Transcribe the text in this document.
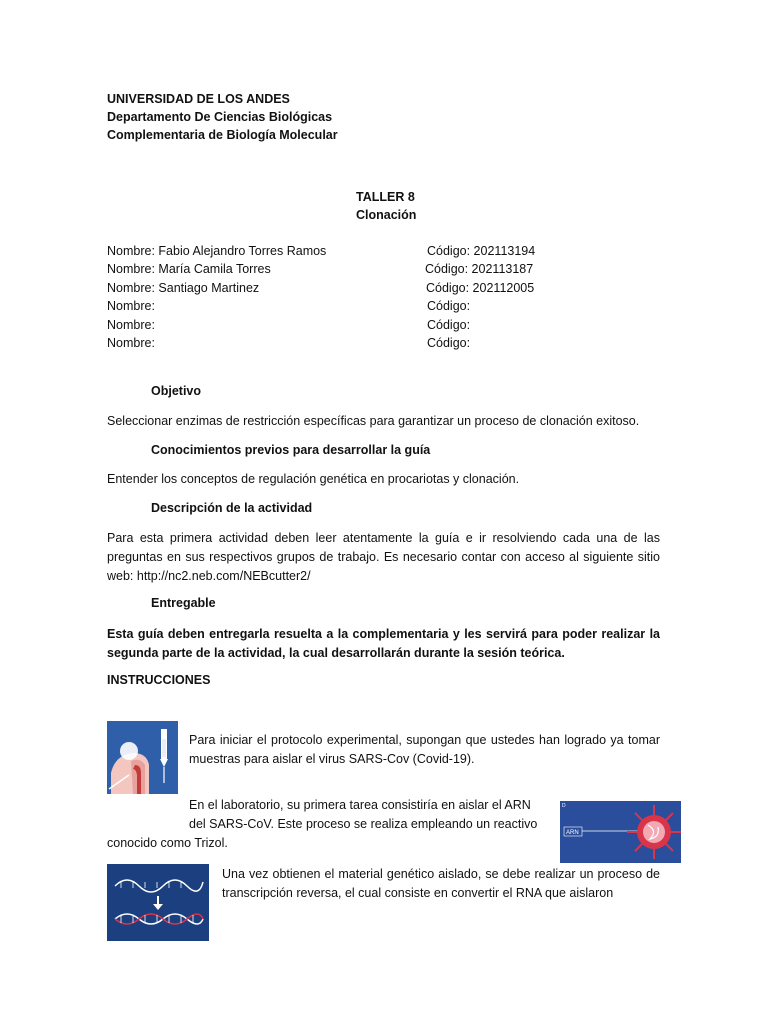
UNIVERSIDAD DE LOS ANDES
Departamento De Ciencias Biológicas
Complementaria de Biología Molecular
TALLER 8
Clonación
Nombre: Fabio Alejandro Torres Ramos	Código: 202113194
Nombre: María Camila Torres	Código: 202113187
Nombre: Santiago Martinez	Código: 202112005
Nombre:	Código:
Nombre:	Código:
Nombre:	Código:
Objetivo
Seleccionar enzimas de restricción específicas para garantizar un proceso de clonación exitoso.
Conocimientos previos para desarrollar la guía
Entender los conceptos de regulación genética en procariotas y clonación.
Descripción de la actividad
Para esta primera actividad deben leer atentamente la guía e ir resolviendo cada una de las preguntas en sus respectivos grupos de trabajo. Es necesario contar con acceso al siguiente sitio web: http://nc2.neb.com/NEBcutter2/
Entregable
Esta guía deben entregarla resuelta a la complementaria y les servirá para poder realizar la segunda parte de la actividad, la cual desarrollarán durante la sesión teórica.
INSTRUCCIONES
Para iniciar el protocolo experimental, supongan que ustedes han logrado ya tomar muestras para aislar el virus SARS-Cov (Covid-19).
En el laboratorio, su primera tarea consistiría en aislar el ARN
del SARS-CoV. Este proceso se realiza empleando un reactivo
conocido como Trizol.
D
ARN
Una vez obtienen el material genético aislado, se debe realizar un proceso de transcripción reversa, el cual consiste en convertir el RNA que aislaron
